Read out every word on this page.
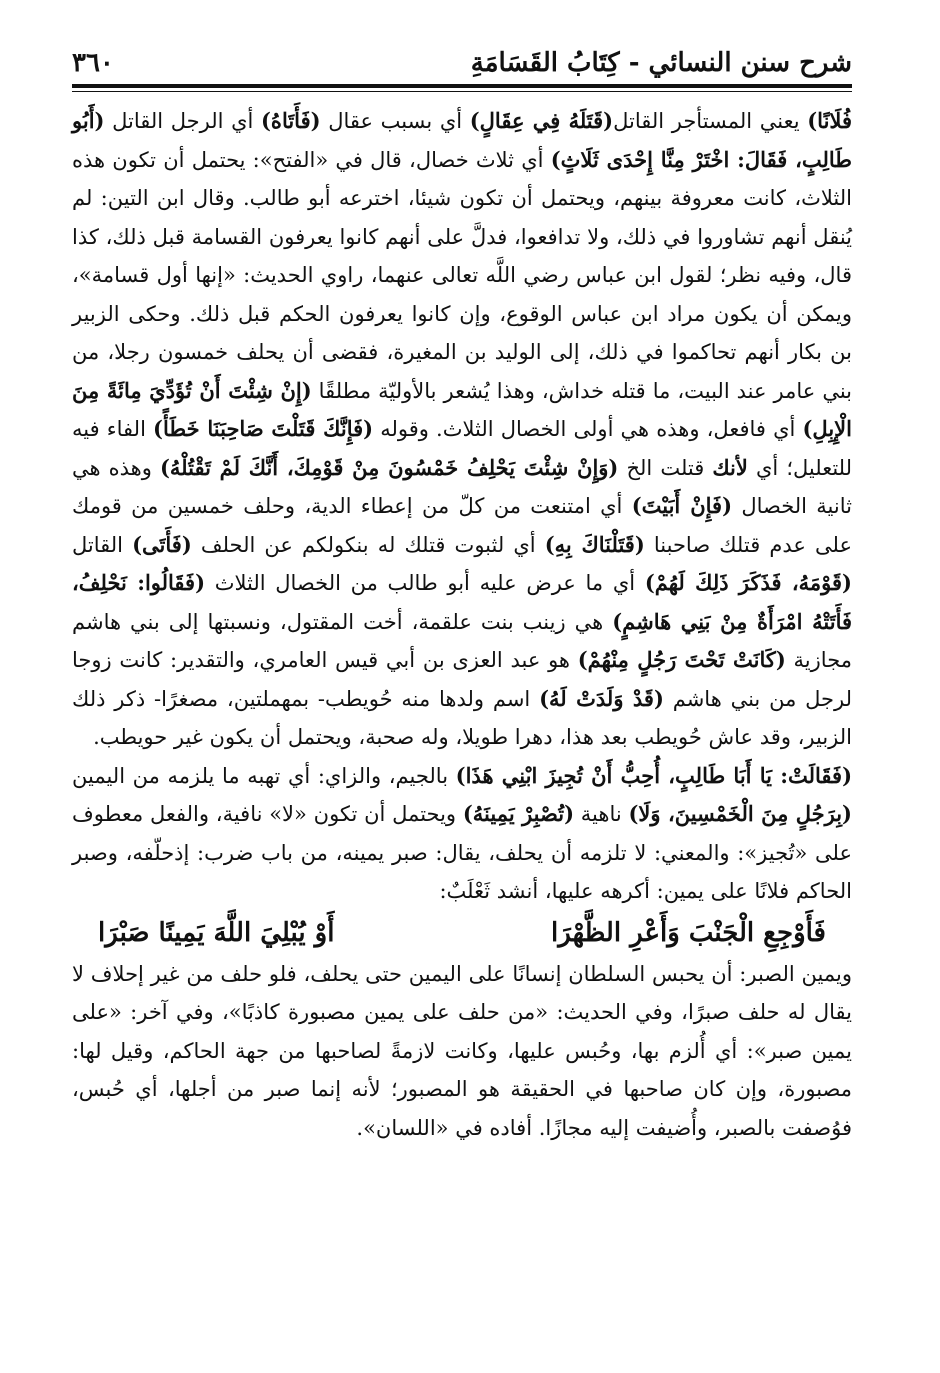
شرح سنن النسائي - كِتَابُ القَسَامَةِ
٣٦٠

فُلَانًا) يعني المستأجر القاتل(قَتَلَهُ فِي عِقَالٍ) أي بسبب عقال (فَأَتَاهُ) أي الرجل القاتل (أَبُو طَالِبٍ، فَقَالَ: اخْتَرْ مِنَّا إِحْدَى ثَلَاثٍ) أي ثلاث خصال، قال في «الفتح»: يحتمل أن تكون هذه الثلاث، كانت معروفة بينهم، ويحتمل أن تكون شيئا، اخترعه أبو طالب. وقال ابن التين: لم يُنقل أنهم تشاوروا في ذلك، ولا تدافعوا، فدلَّ على أنهم كانوا يعرفون القسامة قبل ذلك، كذا قال، وفيه نظر؛ لقول ابن عباس رضي اللَّه تعالى عنهما، راوي الحديث: «إنها أول قسامة»، ويمكن أن يكون مراد ابن عباس الوقوع، وإن كانوا يعرفون الحكم قبل ذلك. وحكى الزبير بن بكار أنهم تحاكموا في ذلك، إلى الوليد بن المغيرة، فقضى أن يحلف خمسون رجلا، من بني عامر عند البيت، ما قتله خداش، وهذا يُشعر بالأوليّة مطلقًا (إِنْ شِئْتَ أَنْ تُؤَدِّيَ مِائَةً مِنَ الْإِبِلِ) أي فافعل، وهذه هي أولى الخصال الثلاث. وقوله (فَإِنَّكَ قَتَلْتَ صَاحِبَنَا خَطَأً) الفاء فيه للتعليل؛ أي لأنك قتلت الخ (وَإِنْ شِئْتَ يَحْلِفُ خَمْسُونَ مِنْ قَوْمِكَ، أَنَّكَ لَمْ تَقْتُلْهُ) وهذه هي ثانية الخصال (فَإِنْ أَبَيْتَ) أي امتنعت من كلّ من إعطاء الدية، وحلف خمسين من قومك على عدم قتلك صاحبنا (قَتَلْنَاكَ بِهِ) أي لثبوت قتلك له بنكولكم عن الحلف (فَأَتَى) القاتل (قَوْمَهُ، فَذَكَرَ ذَلِكَ لَهُمْ) أي ما عرض عليه أبو طالب من الخصال الثلاث (فَقَالُوا: نَحْلِفُ، فَأَتَتْهُ امْرَأَةٌ مِنْ بَنِي هَاشِمٍ) هي زينب بنت علقمة، أخت المقتول، ونسبتها إلى بني هاشم مجازية (كَانَتْ تَحْتَ رَجُلٍ مِنْهُمْ) هو عبد العزى بن أبي قيس العامري، والتقدير: كانت زوجا لرجل من بني هاشم (قَدْ وَلَدَتْ لَهُ) اسم ولدها منه حُويطب- بمهملتين، مصغرًا- ذكر ذلك الزبير، وقد عاش حُويطب بعد هذا، دهرا طويلا، وله صحبة، ويحتمل أن يكون غير حويطب.

(فَقَالَتْ: يَا أَبَا طَالِبٍ، أُحِبُّ أَنْ تُجِيزَ ابْنِي هَذَا) بالجيم، والزاي: أي تهبه ما يلزمه من اليمين (بِرَجُلٍ مِنَ الْخَمْسِينَ، وَلَا) ناهية (تُصْبِرْ يَمِينَهُ) ويحتمل أن تكون «لا» نافية، والفعل معطوف على «تُجيز»: والمعني: لا تلزمه أن يحلف، يقال: صبر يمينه، من باب ضرب: إذحلّفه، وصبر الحاكم فلانًا على يمين: أكرهه عليها، أنشد ثَعْلَبٌ:

فَأَوْجِعِ الْجَنْبَ وَأَعْرِ الظَّهْرَا
أَوْ يُبْلِيَ اللَّهَ يَمِينًا صَبْرَا

ويمين الصبر: أن يحبس السلطان إنسانًا على اليمين حتى يحلف، فلو حلف من غير إحلاف لا يقال له حلف صبرًا، وفي الحديث: «من حلف على يمين مصبورة كاذبًا»، وفي آخر: «على يمين صبر»: أي أُلزم بها، وحُبس عليها، وكانت لازمةً لصاحبها من جهة الحاكم، وقيل لها: مصبورة، وإن كان صاحبها في الحقيقة هو المصبور؛ لأنه إنما صبر من أجلها، أي حُبس، فوُصفت بالصبر، وأُضيفت إليه مجازًا. أفاده في «اللسان».
